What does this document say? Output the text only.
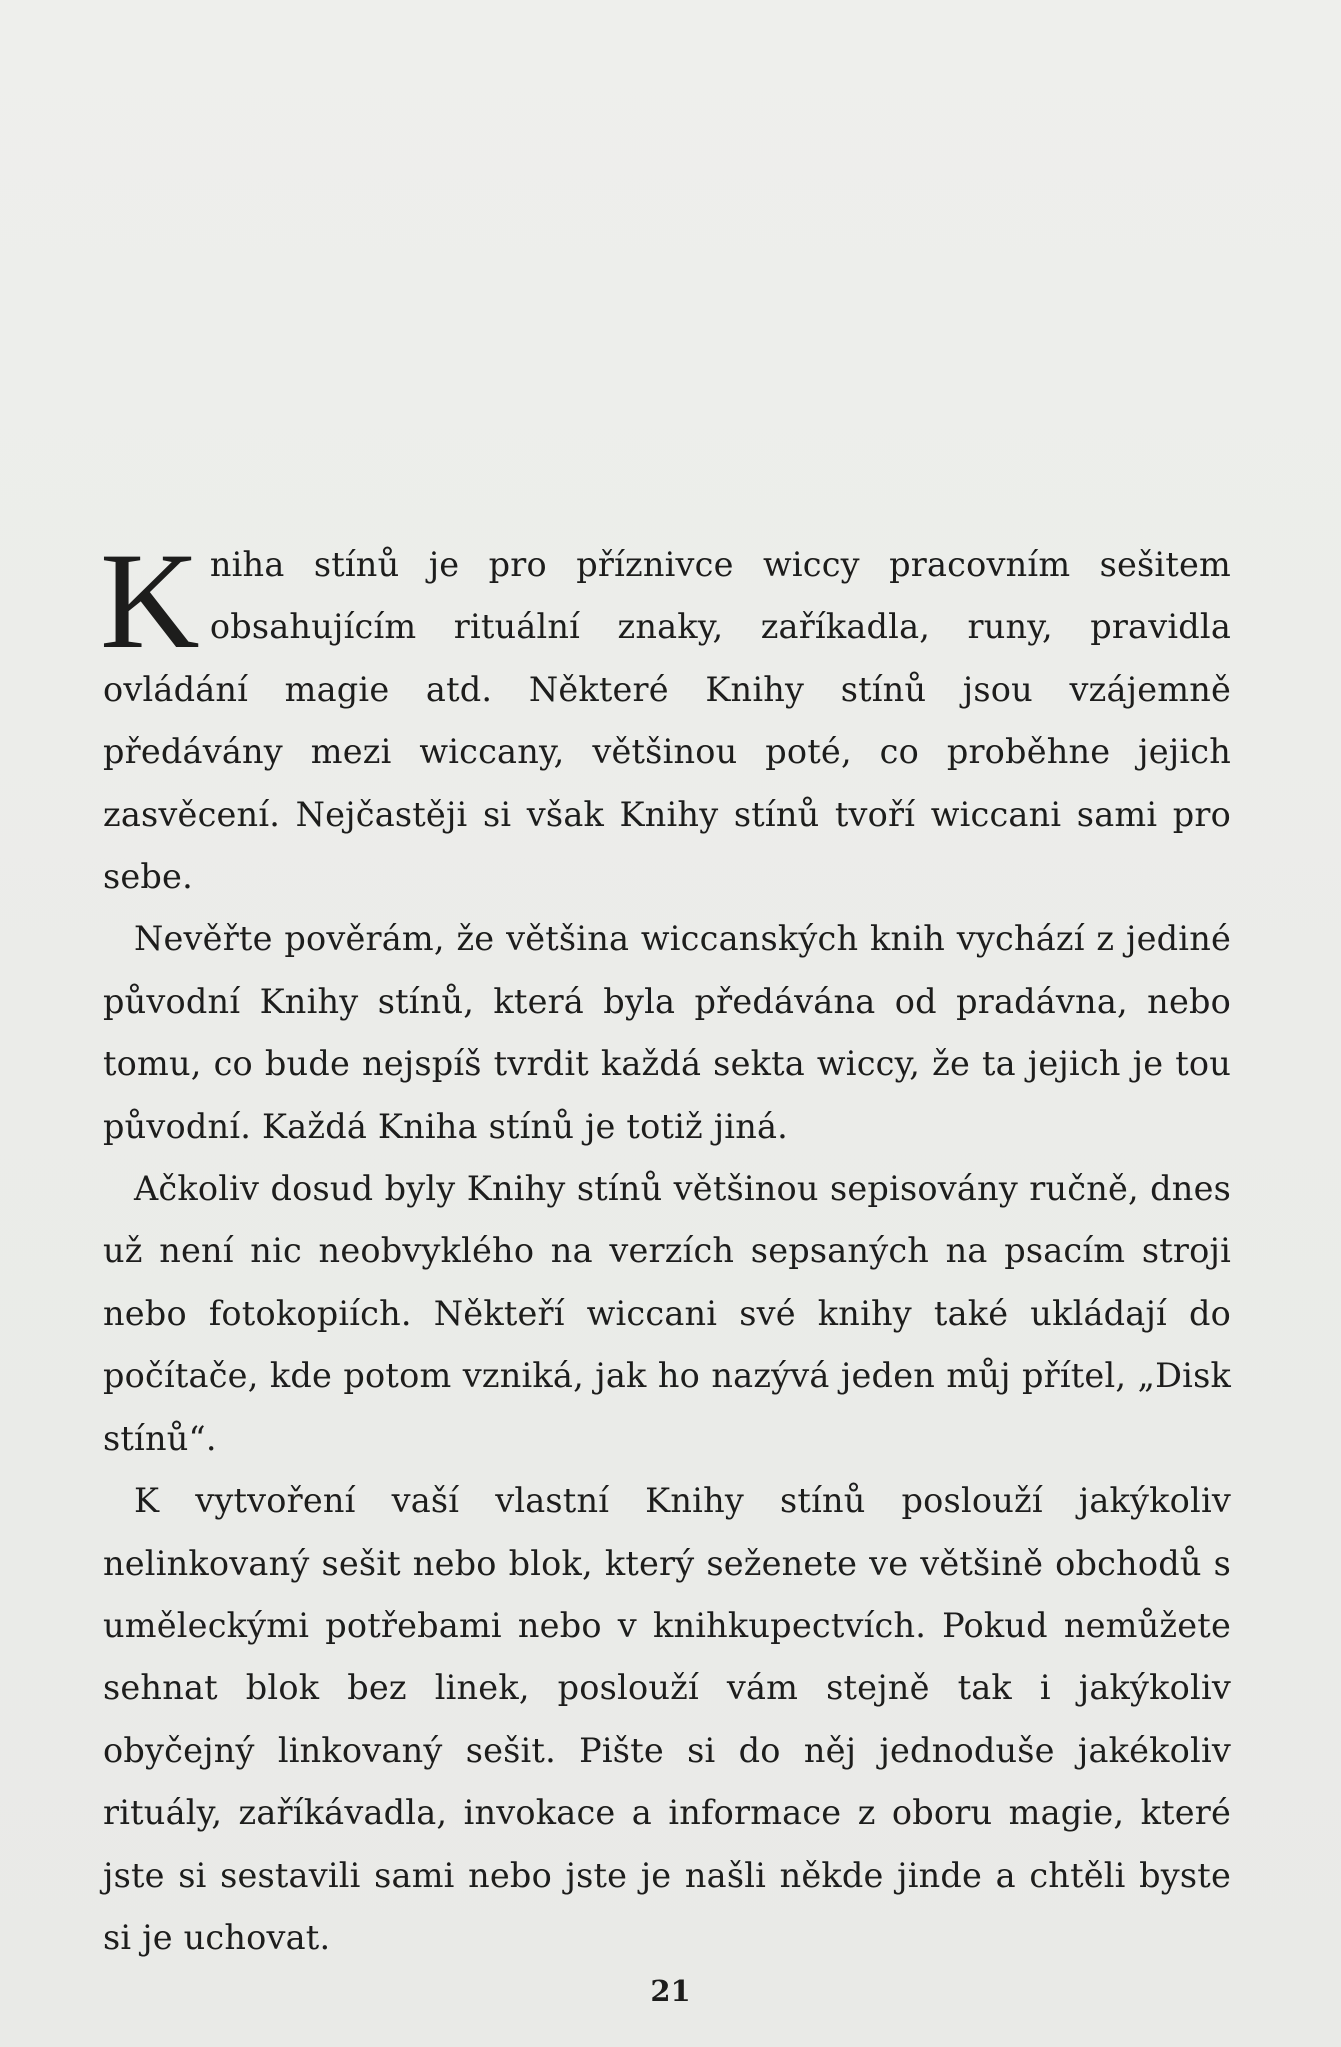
Kniha stínů je pro příznivce wiccy pracovním sešitem obsahujícím rituální znaky, zaříkadla, runy, pravidla ovládání magie atd. Některé Knihy stínů jsou vzájemně předávány mezi wiccany, většinou poté, co proběhne jejich zasvěcení. Nejčastěji si však Knihy stínů tvoří wiccani sami pro sebe.

Nevěřte pověrám, že většina wiccanských knih vychází z jediné původní Knihy stínů, která byla předávána od pradávna, nebo tomu, co bude nejspíš tvrdit každá sekta wiccy, že ta jejich je tou původní. Každá Kniha stínů je totiž jiná.

Ačkoliv dosud byly Knihy stínů většinou sepisovány ručně, dnes už není nic neobvyklého na verzích sepsaných na psacím stroji nebo fotokopiích. Někteří wiccani své knihy také ukládají do počítače, kde potom vzniká, jak ho nazývá jeden můj přítel, „Disk stínů“.

K vytvoření vaší vlastní Knihy stínů poslouží jakýkoliv nelinkovaný sešit nebo blok, který seženete ve většině obchodů s uměleckými potřebami nebo v knihkupectvích. Pokud nemůžete sehnat blok bez linek, poslouží vám stejně tak i jakýkoliv obyčejný linkovaný sešit. Pište si do něj jednoduše jakékoliv rituály, zaříkávadla, invokace a informace z oboru magie, které jste si sestavili sami nebo jste je našli někde jinde a chtěli byste si je uchovat.

21
